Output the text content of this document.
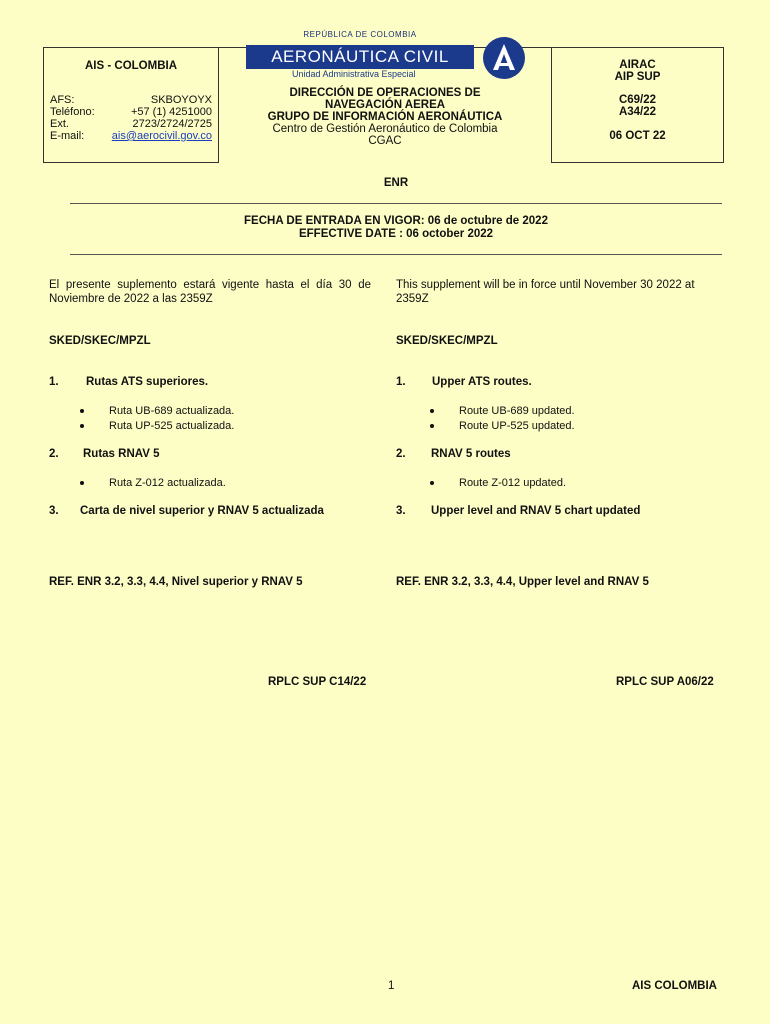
AIS - COLOMBIA
AFS:	SKBOYOYX
Teléfono:	+57 (1) 4251000
Ext.	2723/2724/2725
E-mail:	ais@aerocivil.gov.co
REPÚBLICA DE COLOMBIA
AERONÁUTICA CIVIL
Unidad Administrativa Especial
DIRECCIÓN DE OPERACIONES DE
NAVEGACIÓN AEREA
GRUPO DE INFORMACIÓN AERONÁUTICA
Centro de Gestión Aeronáutico de Colombia
CGAC
AIRAC
AIP SUP
C69/22
A34/22
06 OCT 22
ENR
FECHA DE ENTRADA EN VIGOR: 06 de octubre de 2022
EFFECTIVE DATE : 06 october 2022
El presente suplemento estará vigente hasta el día 30 de Noviembre de 2022 a las 2359Z
SKED/SKEC/MPZL
1. Rutas ATS superiores.
Ruta UB-689 actualizada.
Ruta UP-525 actualizada.
2. Rutas RNAV 5
Ruta Z-012 actualizada.
3. Carta de nivel superior y RNAV 5 actualizada
REF. ENR 3.2, 3.3, 4.4, Nivel superior y RNAV 5
RPLC SUP C14/22
This supplement will be in force until November 30 2022 at 2359Z
SKED/SKEC/MPZL
1. Upper ATS routes.
Route UB-689 updated.
Route UP-525 updated.
2. RNAV 5 routes
Route Z-012 updated.
3. Upper level and RNAV 5 chart updated
REF. ENR 3.2, 3.3, 4.4, Upper level and RNAV 5
RPLC SUP A06/22
1	AIS COLOMBIA
